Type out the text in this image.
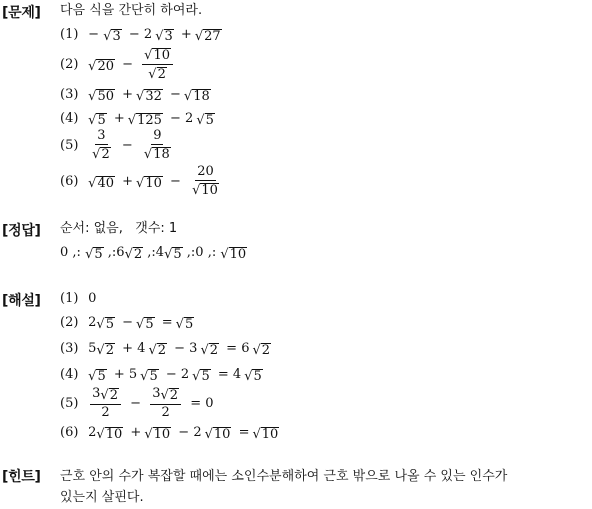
[문제] 다음 식을 간단히 하여라.
(1) − √ 3 − 2 √ 3 + √ 27
(2) √ $20 - \frac{√ 10}{√ 2}$
(3) √ 50 + √ 32 − √ 18
(4) √ 5 + √ 125 − 2 √ 5
$(5) \frac{3}{√ 2} - \frac{9}{√ 18}$
(6) √ 40 + √ $10 - \frac{20}{√ 10}$
[정답] 순서: 없음,   갯수: 1
0 ,: √ 5 ,:6 √ 2 ,:4 √ 5 ,:0 ,: √ 10
[해설] (1) 0
(2) 2 √ 5 − √ 5 = √ 5
(3) 5 √ 2 + 4 √ 2 − 3 √ 2 = 6 √ 2
(4) √ 5 + 5 √ 5 − 2 √ 5 = 4 √ 5
$(5) \frac{3 √ 2}{2} - \frac{3 √ 2}{2} = 0$
(6) 2 √ 10 + √ 10 − 2 √ 10 = √ 10
[힌트] 근호 안의 수가 복잡할 때에는 소인수분해하여 근호 밖으로 나올 수 있는 인수가
있는지 살핀다.
